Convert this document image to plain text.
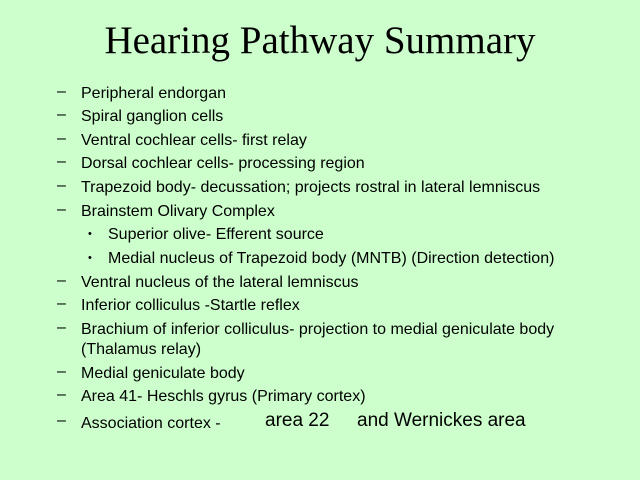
Hearing Pathway Summary
– Peripheral endorgan
– Spiral ganglion cells
– Ventral cochlear cells- first relay
– Dorsal cochlear cells- processing region
– Trapezoid body- decussation; projects rostral in lateral lemniscus
– Brainstem Olivary Complex
• Superior olive- Efferent source
• Medial nucleus of Trapezoid body (MNTB) (Direction detection)
– Ventral nucleus of the lateral lemniscus
– Inferior colliculus -Startle reflex
– Brachium of inferior colliculus- projection to medial geniculate body
(Thalamus relay)
– Medial geniculate body
– Area 41- Heschls gyrus (Primary cortex)
– Association cortex - area 22 and Wernickes area
